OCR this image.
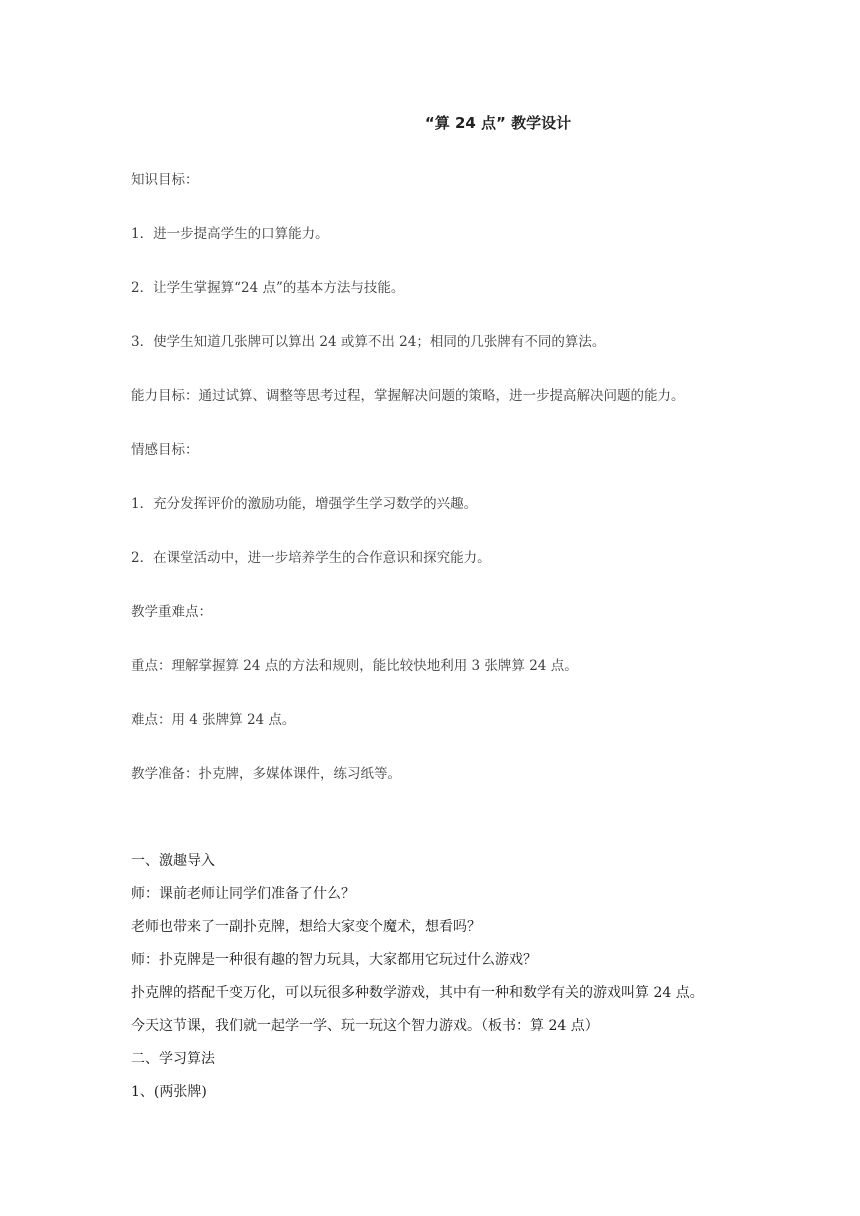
“算 24 点” 教学设计
知识目标：
1．进一步提高学生的口算能力。
2．让学生掌握算“24 点”的基本方法与技能。
3．使学生知道几张牌可以算出 24 或算不出 24；相同的几张牌有不同的算法。
能力目标：通过试算、调整等思考过程，掌握解决问题的策略，进一步提高解决问题的能力。
情感目标：
1．充分发挥评价的激励功能，增强学生学习数学的兴趣。
2．在课堂活动中，进一步培养学生的合作意识和探究能力。
教学重难点：
重点：理解掌握算 24 点的方法和规则，能比较快地利用 3 张牌算 24 点。
难点：用 4 张牌算 24 点。
教学准备：扑克牌，多媒体课件，练习纸等。
一、激趣导入
师：课前老师让同学们准备了什么？
老师也带来了一副扑克牌，想给大家变个魔术，想看吗？
师：扑克牌是一种很有趣的智力玩具，大家都用它玩过什么游戏？
扑克牌的搭配千变万化，可以玩很多种数学游戏，其中有一种和数学有关的游戏叫算 24 点。
今天这节课，我们就一起学一学、玩一玩这个智力游戏。（板书：算 24 点）
二、学习算法
1、(两张牌)
